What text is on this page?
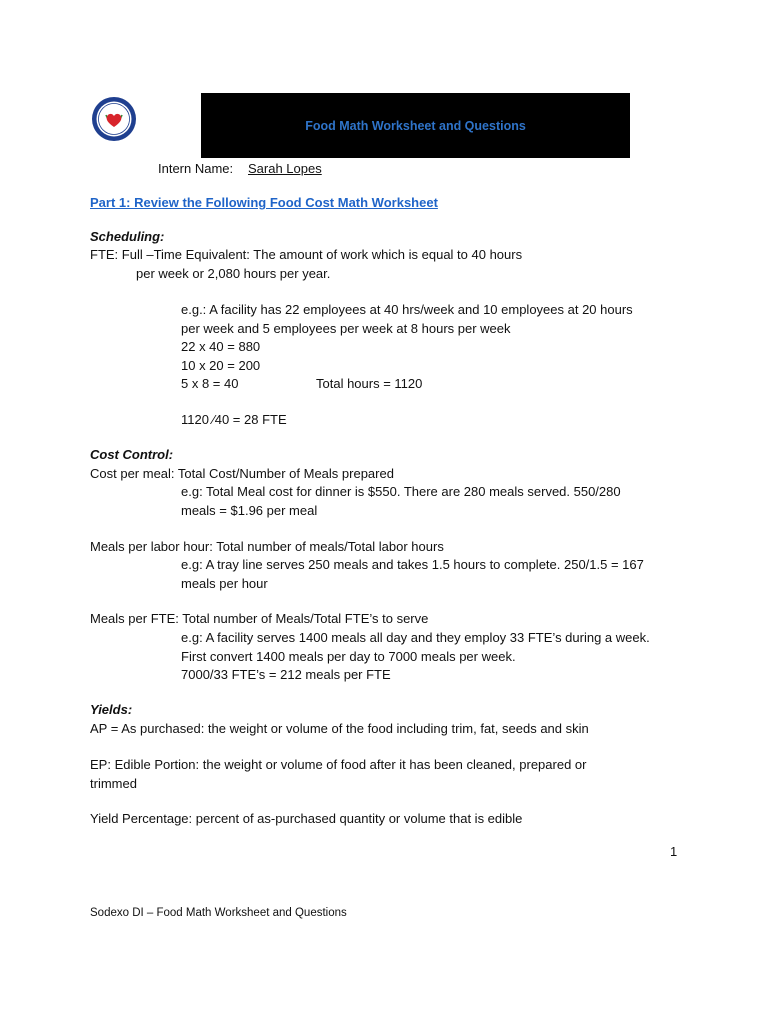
Food Math Worksheet and Questions
Intern Name: Sarah Lopes
Part 1: Review the Following Food Cost Math Worksheet
Scheduling:
FTE: Full –Time Equivalent: The amount of work which is equal to 40 hours
per week or 2,080 hours per year.
e.g.: A facility has 22 employees at 40 hrs/week and 10 employees at 20 hours
per week and 5 employees per week at 8 hours per week
22 x 40 = 880
10 x 20 = 200
5 x 8 = 40	Total hours = 1120
1120 ⁄40 = 28 FTE
Cost Control:
Cost per meal: Total Cost/Number of Meals prepared
e.g: Total Meal cost for dinner is $550. There are 280 meals served. 550/280
meals = $1.96 per meal
Meals per labor hour: Total number of meals/Total labor hours
e.g: A tray line serves 250 meals and takes 1.5 hours to complete. 250/1.5 = 167
meals per hour
Meals per FTE: Total number of Meals/Total FTE’s to serve
e.g: A facility serves 1400 meals all day and they employ 33 FTE’s during a week.
First convert 1400 meals per day to 7000 meals per week.
7000/33 FTE’s = 212 meals per FTE
Yields:
AP = As purchased: the weight or volume of the food including trim, fat, seeds and skin
EP: Edible Portion: the weight or volume of food after it has been cleaned, prepared or
trimmed
Yield Percentage: percent of as-purchased quantity or volume that is edible
1
Sodexo DI – Food Math Worksheet and Questions
